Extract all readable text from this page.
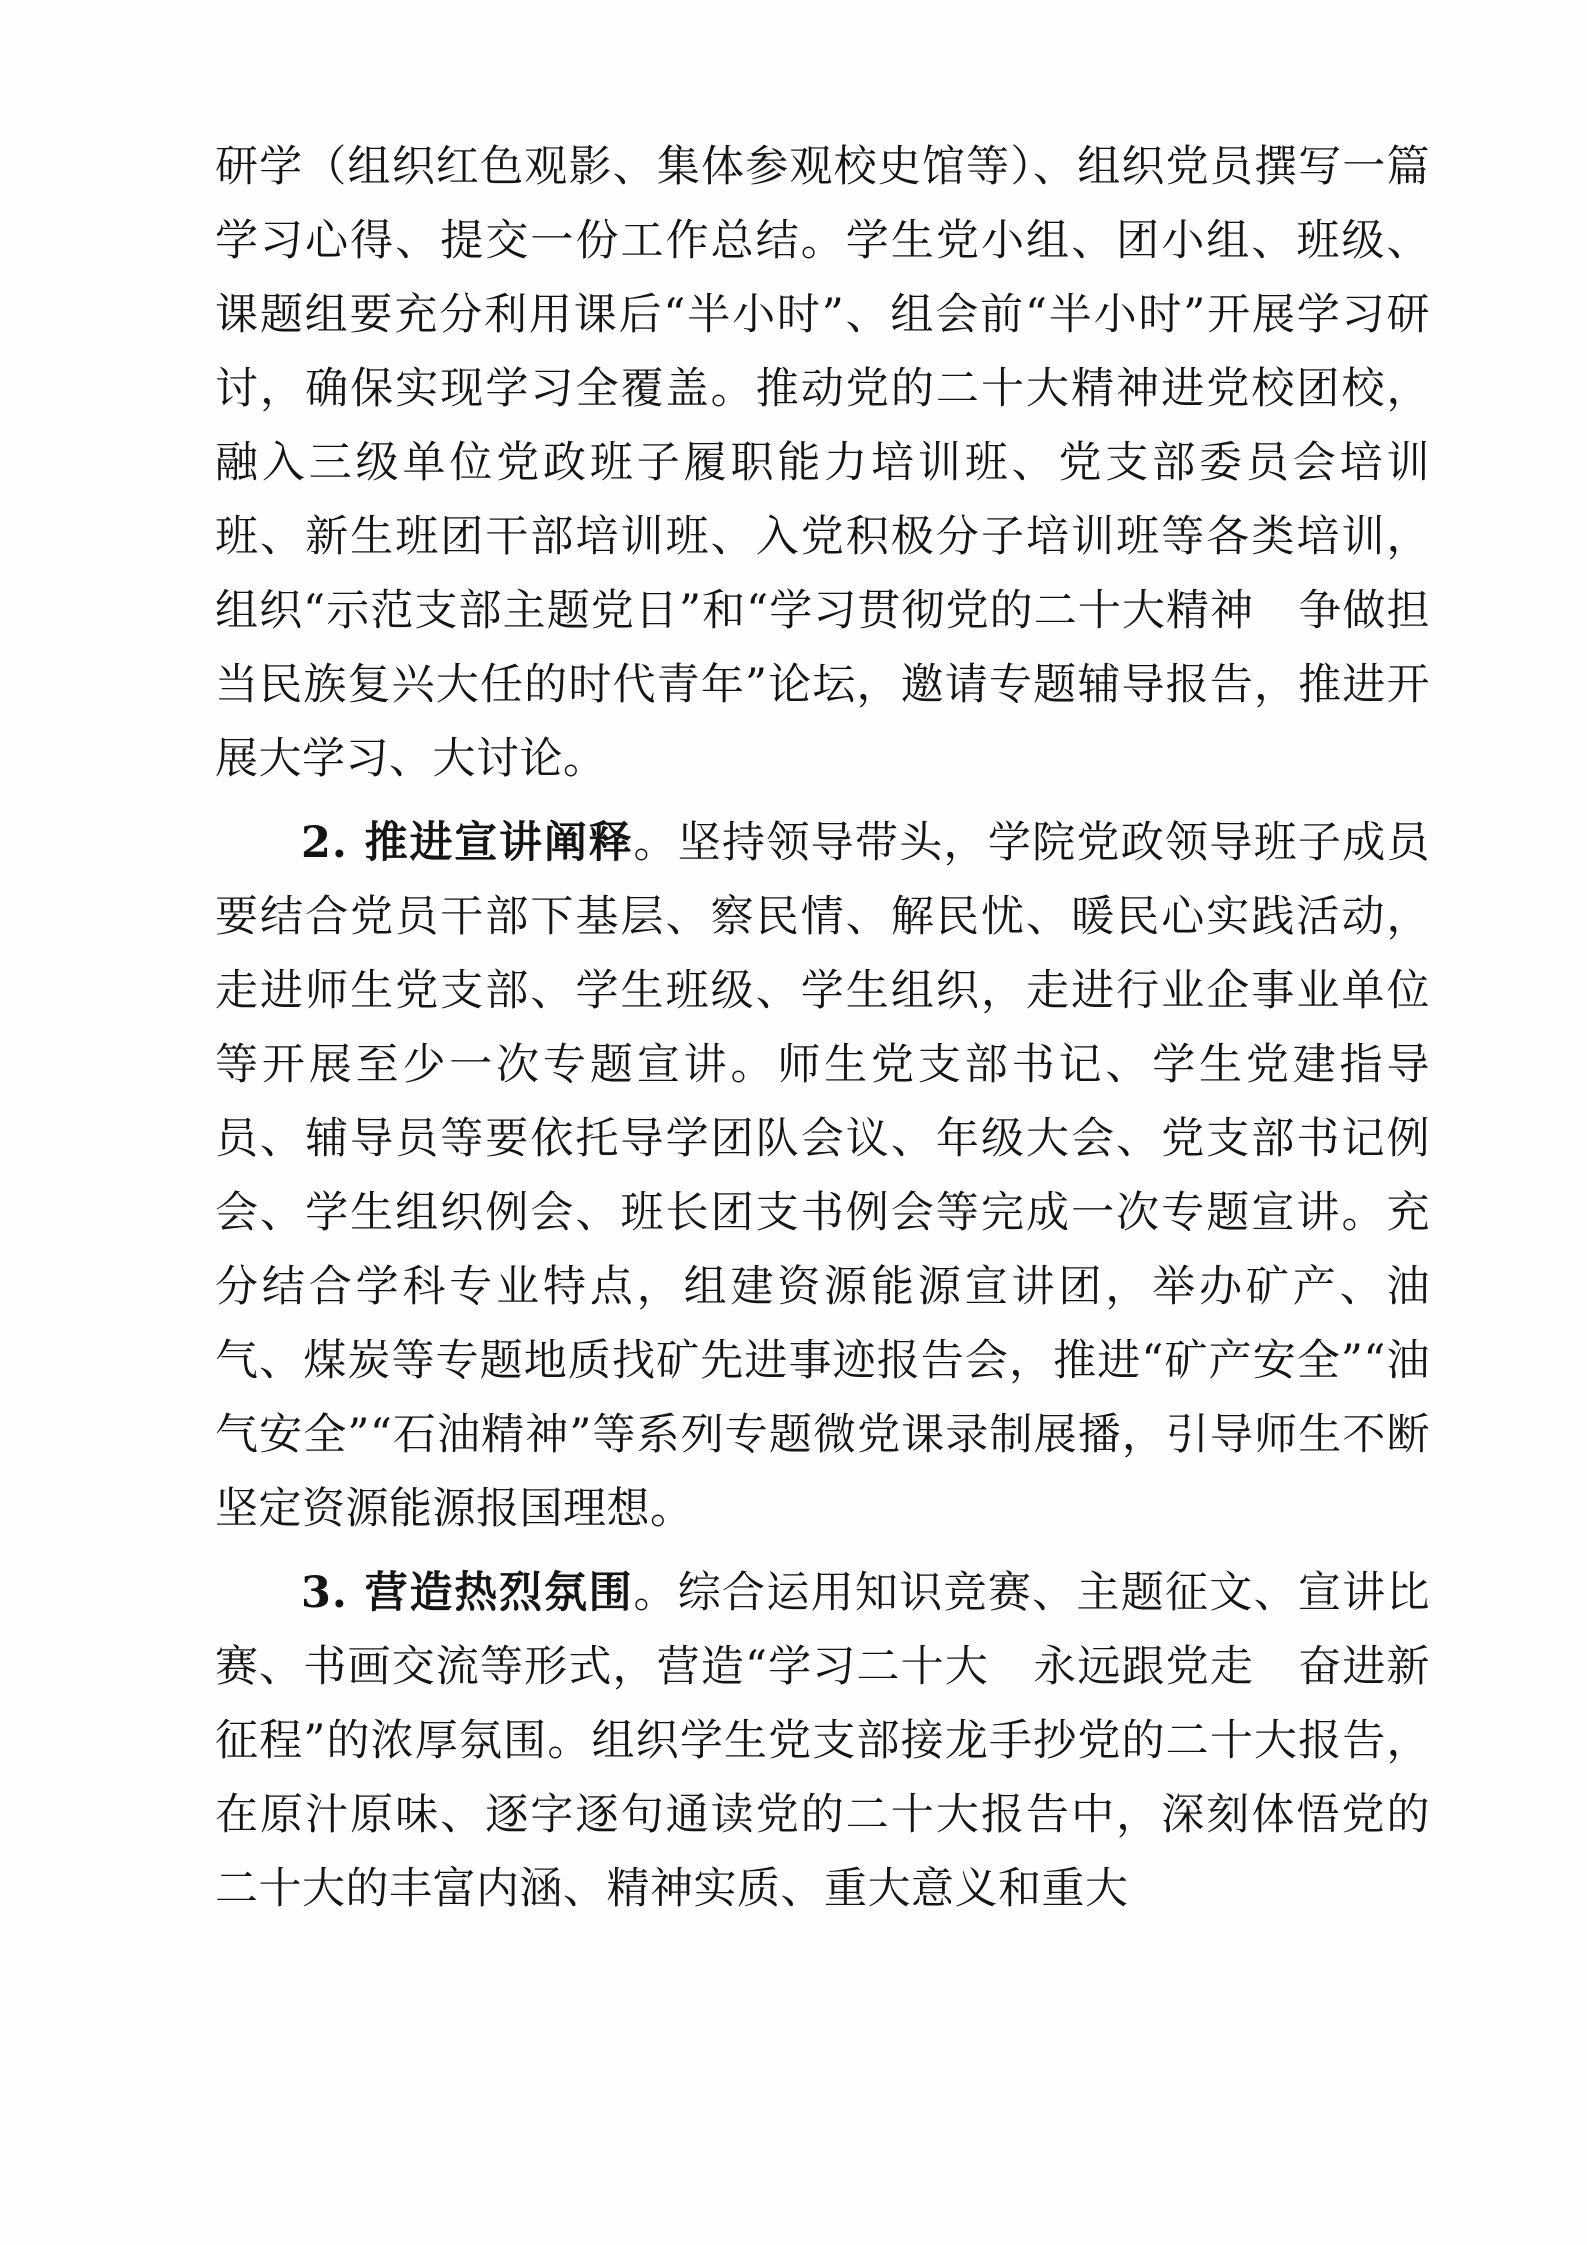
研学（组织红色观影、集体参观校史馆等）、组织党员撰写一篇学习心得、提交一份工作总结。学生党小组、团小组、班级、课题组要充分利用课后“半小时”、组会前“半小时”开展学习研讨，确保实现学习全覆盖。推动党的二十大精神进党校团校，融入三级单位党政班子履职能力培训班、党支部委员会培训班、新生班团干部培训班、入党积极分子培训班等各类培训，组织“示范支部主题党日”和“学习贯彻党的二十大精神　争做担当民族复兴大任的时代青年”论坛，邀请专题辅导报告，推进开展大学习、大讨论。

2. 推进宣讲阐释。坚持领导带头，学院党政领导班子成员要结合党员干部下基层、察民情、解民忧、暖民心实践活动，走进师生党支部、学生班级、学生组织，走进行业企事业单位等开展至少一次专题宣讲。师生党支部书记、学生党建指导员、辅导员等要依托导学团队会议、年级大会、党支部书记例会、学生组织例会、班长团支书例会等完成一次专题宣讲。充分结合学科专业特点，组建资源能源宣讲团，举办矿产、油气、煤炭等专题地质找矿先进事迹报告会，推进“矿产安全”“油气安全”“石油精神”等系列专题微党课录制展播，引导师生不断坚定资源能源报国理想。

3. 营造热烈氛围。综合运用知识竞赛、主题征文、宣讲比赛、书画交流等形式，营造“学习二十大　永远跟党走　奋进新征程”的浓厚氛围。组织学生党支部接龙手抄党的二十大报告，在原汁原味、逐字逐句通读党的二十大报告中，深刻体悟党的二十大的丰富内涵、精神实质、重大意义和重大
